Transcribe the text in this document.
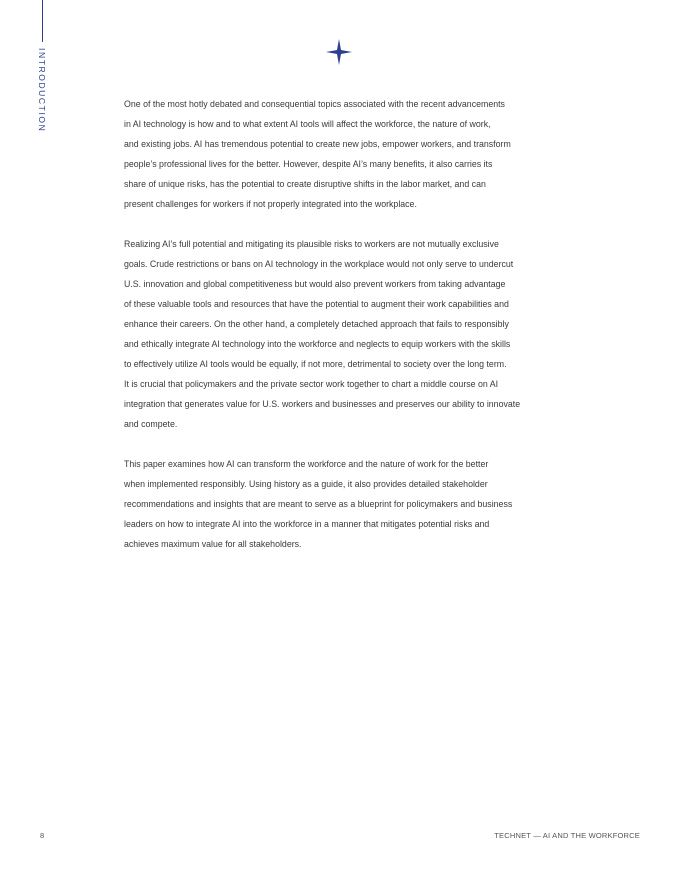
INTRODUCTION	One of the most hotly debated and consequential topics associated with the recent advancements
in AI technology is how and to what extent AI tools will affect the workforce, the nature of work,
and existing jobs. AI has tremendous potential to create new jobs, empower workers, and transform
people’s professional lives for the better. However, despite AI’s many benefits, it also carries its
share of unique risks, has the potential to create disruptive shifts in the labor market, and can
present challenges for workers if not properly integrated into the workplace.
Realizing AI’s full potential and mitigating its plausible risks to workers are not mutually exclusive
goals. Crude restrictions or bans on AI technology in the workplace would not only serve to undercut
U.S. innovation and global competitiveness but would also prevent workers from taking advantage
of these valuable tools and resources that have the potential to augment their work capabilities and
enhance their careers. On the other hand, a completely detached approach that fails to responsibly
and ethically integrate AI technology into the workforce and neglects to equip workers with the skills
to effectively utilize AI tools would be equally, if not more, detrimental to society over the long term.
It is crucial that policymakers and the private sector work together to chart a middle course on AI
integration that generates value for U.S. workers and businesses and preserves our ability to innovate
and compete.
This paper examines how AI can transform the workforce and the nature of work for the better
when implemented responsibly. Using history as a guide, it also provides detailed stakeholder
recommendations and insights that are meant to serve as a blueprint for policymakers and business
leaders on how to integrate AI into the workforce in a manner that mitigates potential risks and
achieves maximum value for all stakeholders.
8	TECHNET — AI AND THE WORKFORCE
